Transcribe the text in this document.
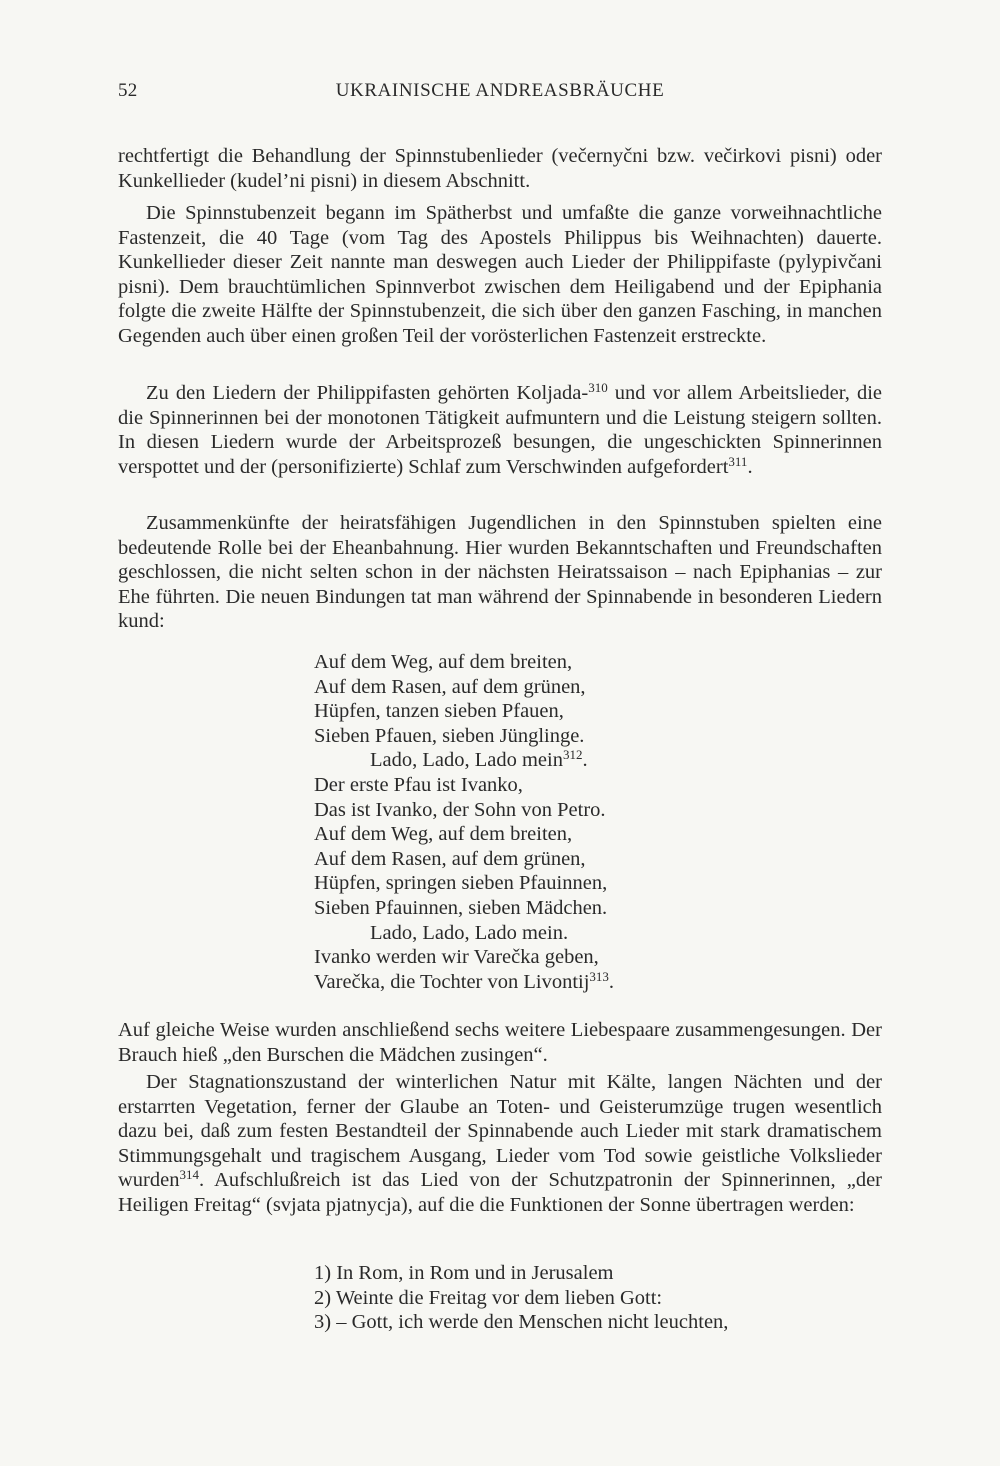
52	UKRAINISCHE ANDREASBRÄUCHE

rechtfertigt die Behandlung der Spinnstubenlieder (večernyčni bzw. večirkovi pisni) oder Kunkellieder (kudel’ni pisni) in diesem Abschnitt.

Die Spinnstubenzeit begann im Spätherbst und umfaßte die ganze vorweihnachtliche Fastenzeit, die 40 Tage (vom Tag des Apostels Philippus bis Weihnachten) dauerte. Kunkellieder dieser Zeit nannte man deswegen auch Lieder der Philippifaste (pylypivčani pisni). Dem brauchtümlichen Spinnverbot zwischen dem Heiligabend und der Epiphania folgte die zweite Hälfte der Spinnstubenzeit, die sich über den ganzen Fasching, in manchen Gegenden auch über einen großen Teil der vorösterlichen Fastenzeit erstreckte.

Zu den Liedern der Philippifasten gehörten Koljada-$^{310}$ und vor allem Arbeitslieder, die die Spinnerinnen bei der monotonen Tätigkeit aufmuntern und die Leistung steigern sollten. In diesen Liedern wurde der Arbeitsprozeß besungen, die ungeschickten Spinnerinnen verspottet und der (personifizierte) Schlaf zum Verschwinden aufgefordert$^{311}$.

Zusammenkünfte der heiratsfähigen Jugendlichen in den Spinnstuben spielten eine bedeutende Rolle bei der Eheanbahnung. Hier wurden Bekanntschaften und Freundschaften geschlossen, die nicht selten schon in der nächsten Heiratssaison – nach Epiphanias – zur Ehe führten. Die neuen Bindungen tat man während der Spinnabende in besonderen Liedern kund:

Auf dem Weg, auf dem breiten,
Auf dem Rasen, auf dem grünen,
Hüpfen, tanzen sieben Pfauen,
Sieben Pfauen, sieben Jünglinge.
Lado, Lado, Lado mein$^{312}$.
Der erste Pfau ist Ivanko,
Das ist Ivanko, der Sohn von Petro.
Auf dem Weg, auf dem breiten,
Auf dem Rasen, auf dem grünen,
Hüpfen, springen sieben Pfauinnen,
Sieben Pfauinnen, sieben Mädchen.
Lado, Lado, Lado mein.
Ivanko werden wir Varečka geben,
Varečka, die Tochter von Livontij$^{313}$.

Auf gleiche Weise wurden anschließend sechs weitere Liebespaare zusammengesungen. Der Brauch hieß „den Burschen die Mädchen zusingen“.

Der Stagnationszustand der winterlichen Natur mit Kälte, langen Nächten und der erstarrten Vegetation, ferner der Glaube an Toten- und Geisterumzüge trugen wesentlich dazu bei, daß zum festen Bestandteil der Spinnabende auch Lieder mit stark dramatischem Stimmungsgehalt und tragischem Ausgang, Lieder vom Tod sowie geistliche Volkslieder wurden$^{314}$. Aufschlußreich ist das Lied von der Schutzpatronin der Spinnerinnen, „der Heiligen Freitag“ (svjata pjatnycja), auf die die Funktionen der Sonne übertragen werden:

1) In Rom, in Rom und in Jerusalem
2) Weinte die Freitag vor dem lieben Gott:
3) – Gott, ich werde den Menschen nicht leuchten,
